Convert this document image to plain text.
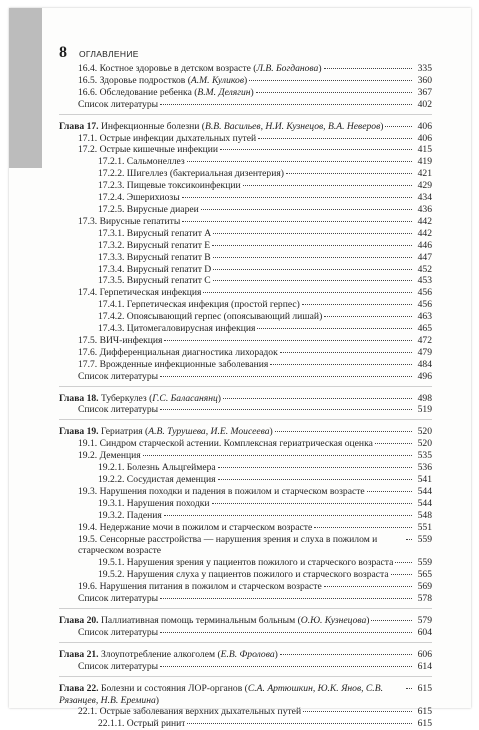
8 ОГЛАВЛЕНИЕ
16.4. Костное здоровье в детском возрасте (Л.В. Богданова)	335
16.5. Здоровье подростков (А.М. Куликов)	360
16.6. Обследование ребенка (В.М. Делягин)	367
Список литературы	402
Глава 17. Инфекционные болезни (В.В. Васильев, Н.И. Кузнецов, В.А. Неверов)	406
17.1. Острые инфекции дыхательных путей	406
17.2. Острые кишечные инфекции	415
17.2.1. Сальмонеллез	419
17.2.2. Шигеллез (бактериальная дизентерия)	421
17.2.3. Пищевые токсикоинфекции	429
17.2.4. Эшерихиозы	434
17.2.5. Вирусные диареи	436
17.3. Вирусные гепатиты	442
17.3.1. Вирусный гепатит A	442
17.3.2. Вирусный гепатит E	446
17.3.3. Вирусный гепатит B	447
17.3.4. Вирусный гепатит D	452
17.3.5. Вирусный гепатит C	453
17.4. Герпетическая инфекция	456
17.4.1. Герпетическая инфекция (простой герпес)	456
17.4.2. Опоясывающий герпес (опоясывающий лишай)	463
17.4.3. Цитомегаловирусная инфекция	465
17.5. ВИЧ-инфекция	472
17.6. Дифференциальная диагностика лихорадок	479
17.7. Врожденные инфекционные заболевания	484
Список литературы	496
Глава 18. Туберкулез (Г.С. Баласанянц)	498
Список литературы	519
Глава 19. Гериатрия (А.В. Турушева, И.Е. Моисеева)	520
19.1. Синдром старческой астении. Комплексная гериатрическая оценка	520
19.2. Деменция	535
19.2.1. Болезнь Альцгеймера	536
19.2.2. Сосудистая деменция	541
19.3. Нарушения походки и падения в пожилом и старческом возрасте	544
19.3.1. Нарушения походки	544
19.3.2. Падения	548
19.4. Недержание мочи в пожилом и старческом возрасте	551
19.5. Сенсорные расстройства — нарушения зрения и слуха в пожилом и старческом возрасте
559
19.5.1. Нарушения зрения у пациентов пожилого и старческого возраста	559
19.5.2. Нарушения слуха у пациентов пожилого и старческого возраста	565
19.6. Нарушения питания в пожилом и старческом возрасте	569
Список литературы	578
Глава 20. Паллиативная помощь терминальным больным (О.Ю. Кузнецова)	579
Список литературы	604
Глава 21. Злоупотребление алкоголем (Е.В. Фролова)	606
Список литературы	614
Глава 22. Болезни и состояния ЛОР-органов (С.А. Артюшкин, Ю.К. Янов, С.В. Рязанцев, Н.В. Еремина)
615
22.1. Острые заболевания верхних дыхательных путей	615
22.1.1. Острый ринит	615
